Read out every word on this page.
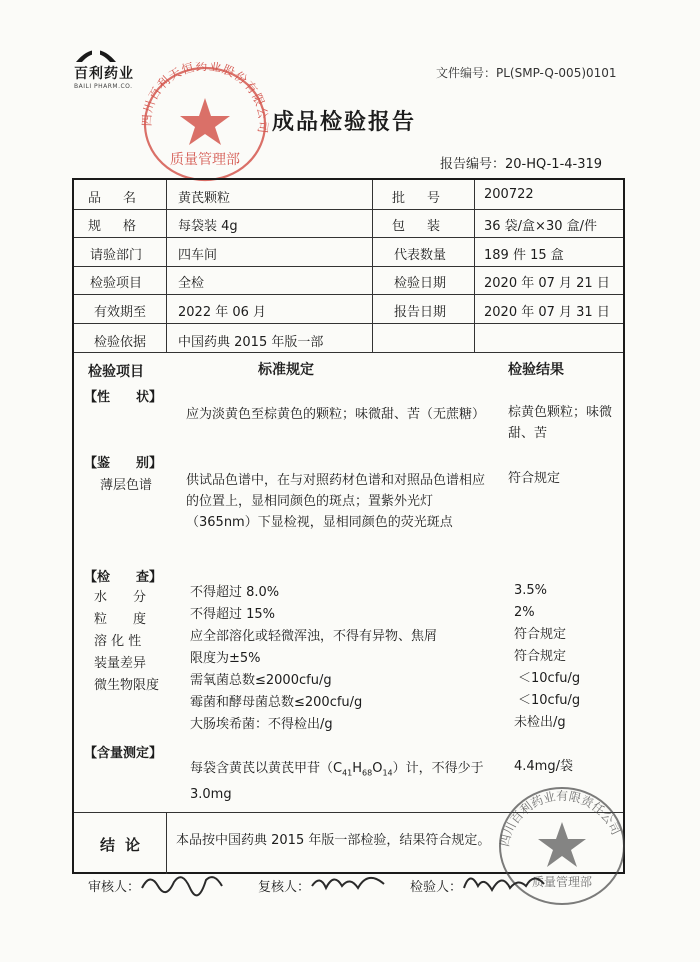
文件编号：PL(SMP-Q-005)0101
百利药业
BAILI PHARM.CO.
四川百利天恒药业股份有限公司
质量管理部
成品检验报告
报告编号：20-HQ-1-4-319
品名 黄芪颗粒	批号 200722
规格 每袋装 4g	包装 36 袋/盒×30 盒/件
请验部门	四车间	代表数量	189 件 15 盒
检验项目	全检	检验日期	2020 年 07 月 21 日
有效期至 2022 年 06 月	报告日期	2020 年 07 月 31 日
检验依据 中国药典 2015 年版一部
检验项目	标准规定	检验结果
【性　　状】
应为淡黄色至棕黄色的颗粒；味微甜、苦（无蔗糖） 棕黄色颗粒；味微甜、苦
【鉴　　别】
薄层色谱	供试品色谱中，在与对照药材色谱和对照品色谱相应的位置上，显相同颜色的斑点；置紫外光灯（365nm）下显检视，显相同颜色的荧光斑点
符合规定
【检　　查】
水　　分	不得超过 8.0%	3.5%
粒　　度	不得超过 15%	2%
溶 化 性	应全部溶化或轻微浑浊，不得有异物、焦屑	符合规定
装量差异	限度为±5%	符合规定
微生物限度 需氧菌总数≤2000cfu/g	＜10cfu/g
霉菌和酵母菌总数≤200cfu/g	＜10cfu/g
大肠埃希菌：不得检出/g	未检出/g
【含量测定】
每袋含黄芪以黄芪甲苷$(C_{41}H_{68}O_{14})$计，不得少于 3.0mg
4.4mg/袋
结论 本品按中国药典 2015 年版一部检验，结果符合规定。 四川百利药业有限责任公司
质量管理部
审核人：	复核人：	检验人：
